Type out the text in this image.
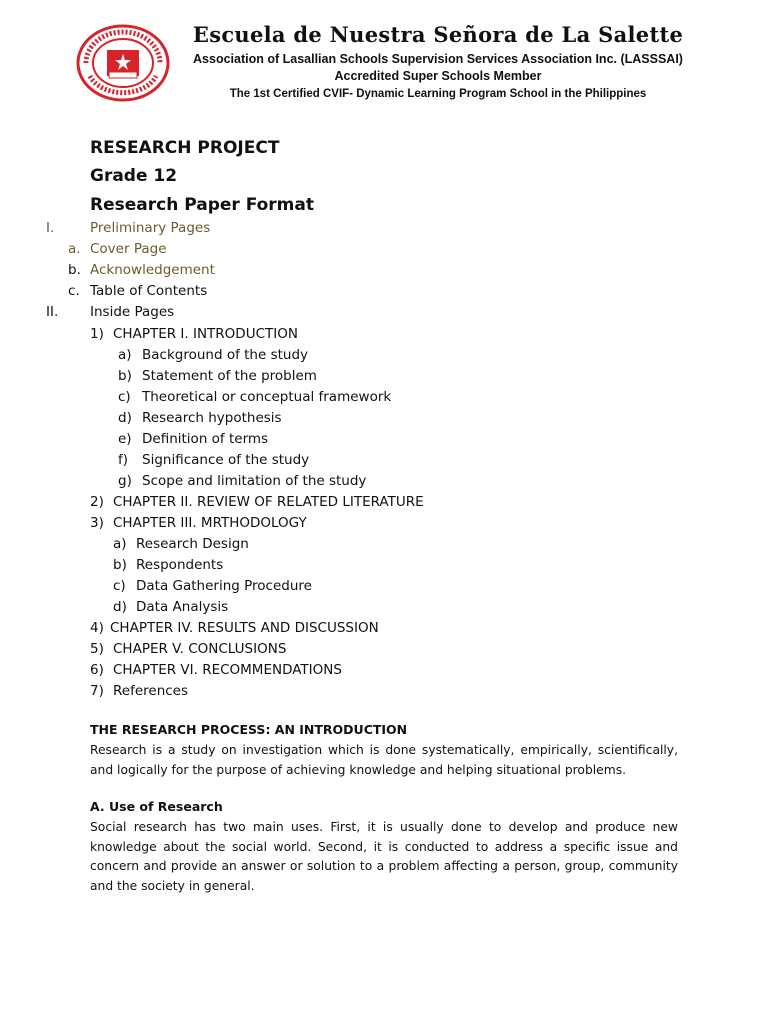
Escuela de Nuestra Señora de La Salette
Association of Lasallian Schools Supervision Services Association Inc. (LASSSAI)
Accredited Super Schools Member
The 1st Certified CVIF- Dynamic Learning Program School in the Philippines
RESEARCH PROJECT
Grade 12
Research Paper Format
I.	Preliminary Pages
a. Cover Page
b. Acknowledgement
c. Table of Contents
II. Inside Pages
1) CHAPTER I. INTRODUCTION
a) Background of the study
b) Statement of the problem
c) Theoretical or conceptual framework
d) Research hypothesis
e) Definition of terms
f) Significance of the study
g) Scope and limitation of the study
2) CHAPTER II. REVIEW OF RELATED LITERATURE
3) CHAPTER III. MRTHODOLOGY
a) Research Design
b) Respondents
c) Data Gathering Procedure
d) Data Analysis
4) CHAPTER IV. RESULTS AND DISCUSSION
5) CHAPER V. CONCLUSIONS
6) CHAPTER VI. RECOMMENDATIONS
7) References
THE RESEARCH PROCESS: AN INTRODUCTION
Research is a study on investigation which is done systematically, empirically, scientifically, and logically for the purpose of achieving knowledge and helping situational problems.
A. Use of Research
Social research has two main uses. First, it is usually done to develop and produce new knowledge about the social world. Second, it is conducted to address a specific issue and concern and provide an answer or solution to a problem affecting a person, group, community and the society in general.
